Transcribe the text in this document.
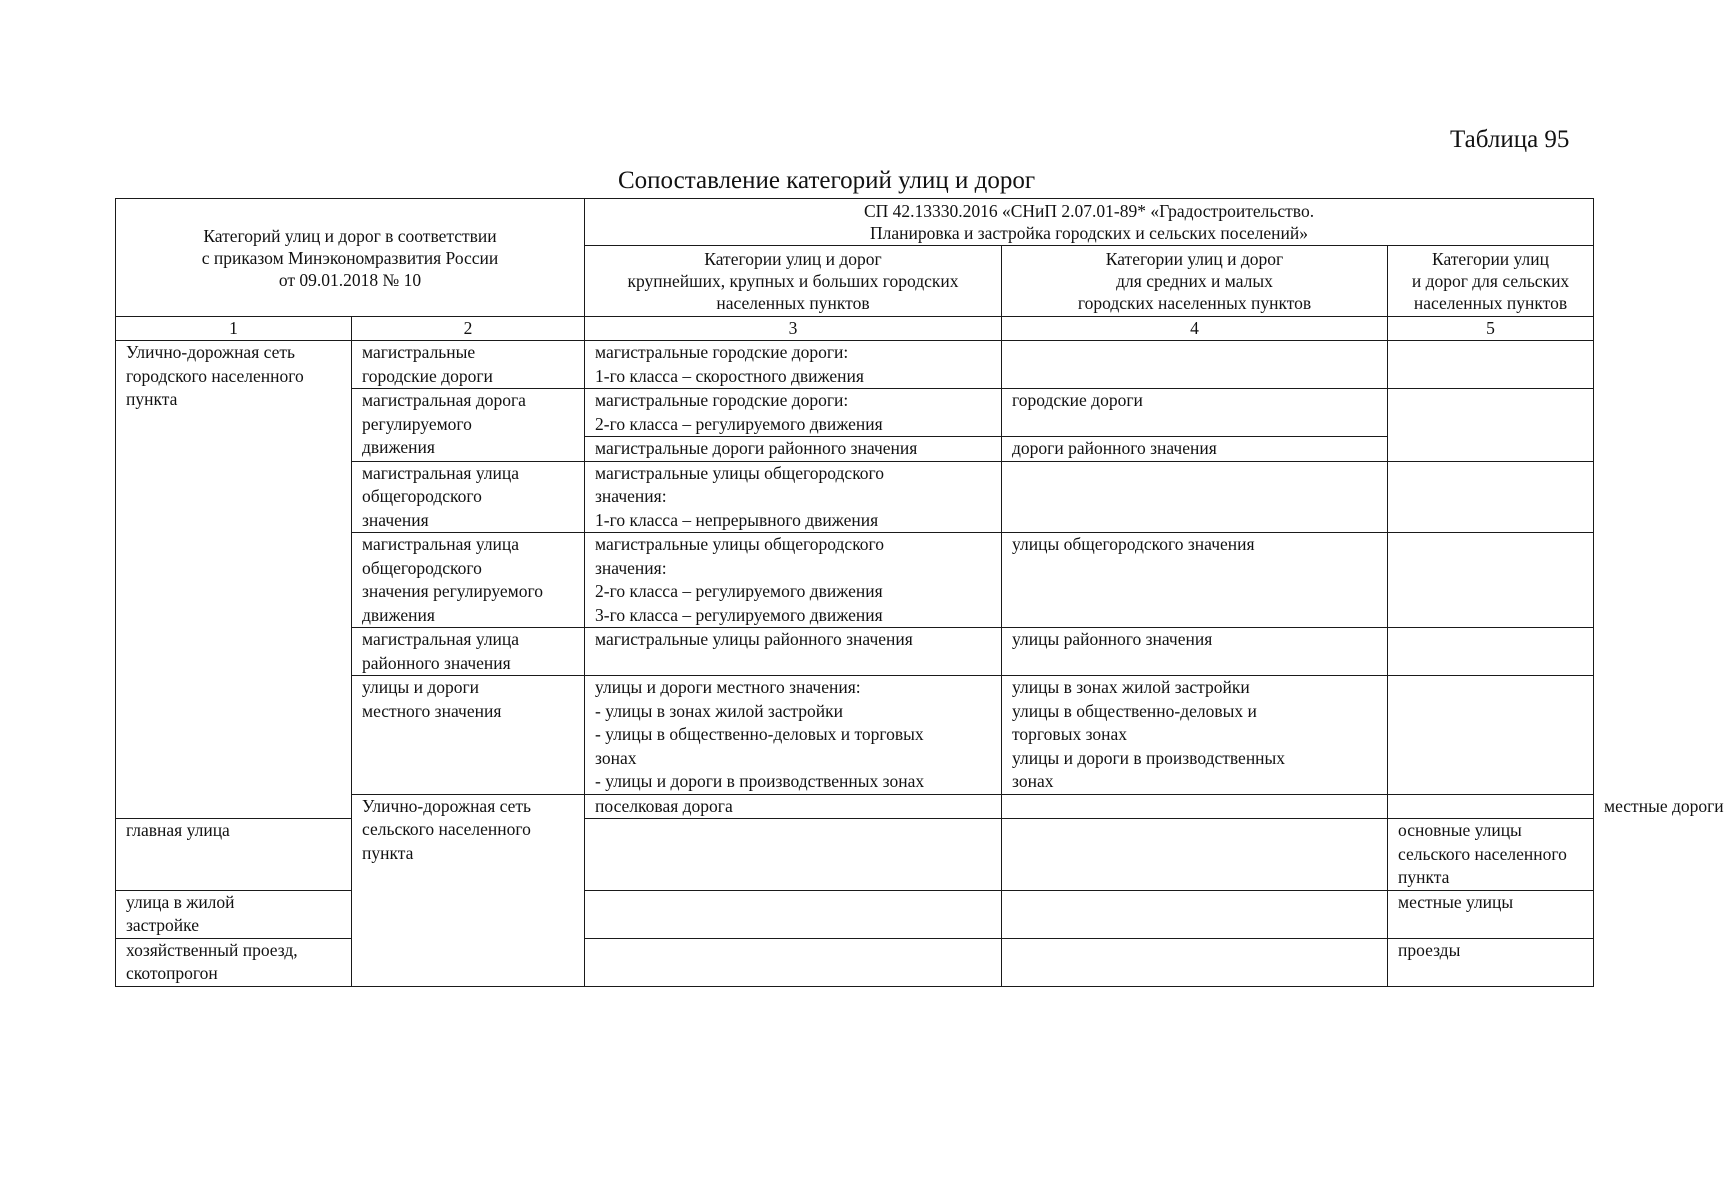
Таблица 95
Сопоставление категорий улиц и дорог
Категорий улиц и дорог в соответствии
с приказом Минэкономразвития России
от 09.01.2018 № 10		СП 42.13330.2016 «СНиП 2.07.01-89* «Градостроительство.
Планировка и застройка городских и сельских поселений»			

		Категории улиц и дорог
крупнейших, крупных и больших городских
населенных пунктов	Категории улиц и дорог
для средних и малых
городских населенных пунктов	Категории улиц
и дорог для сельских
населенных пунктов	

1	2	3	4	5	

Улично-дорожная сеть
городского населенного
пункта	магистральные
городские дороги	магистральные городские дороги:
1-го класса – скоростного движения			

	магистральная дорога
регулируемого
движения	магистральные городские дороги:
2-го класса – регулируемого движения	городские дороги		

		магистральные дороги районного значения	дороги районного значения		

	магистральная улица
общегородского
значения	магистральные улицы общегородского
значения:
1-го класса – непрерывного движения			

	магистральная улица
общегородского
значения регулируемого
движения	магистральные улицы общегородского
значения:
2-го класса – регулируемого движения
3-го класса – регулируемого движения	улицы общегородского значения		

	магистральная улица
районного значения	магистральные улицы районного значения	улицы районного значения		

	улицы и дороги
местного значения	улицы и дороги местного значения:
- улицы в зонах жилой застройки
- улицы в общественно-деловых и торговых
зонах
- улицы и дороги в производственных зонах	улицы в зонах жилой застройки
улицы в общественно-деловых и
торговых зонах
улицы и дороги в производственных
зонах		

	Улично-дорожная сеть
сельского населенного
пункта	поселковая дорога			местные дороги

главная улица				основные улицы
сельского населенного
пункта	

улица в жилой
застройке				местные улицы	

хозяйственный проезд,
скотопрогон				проезды	
